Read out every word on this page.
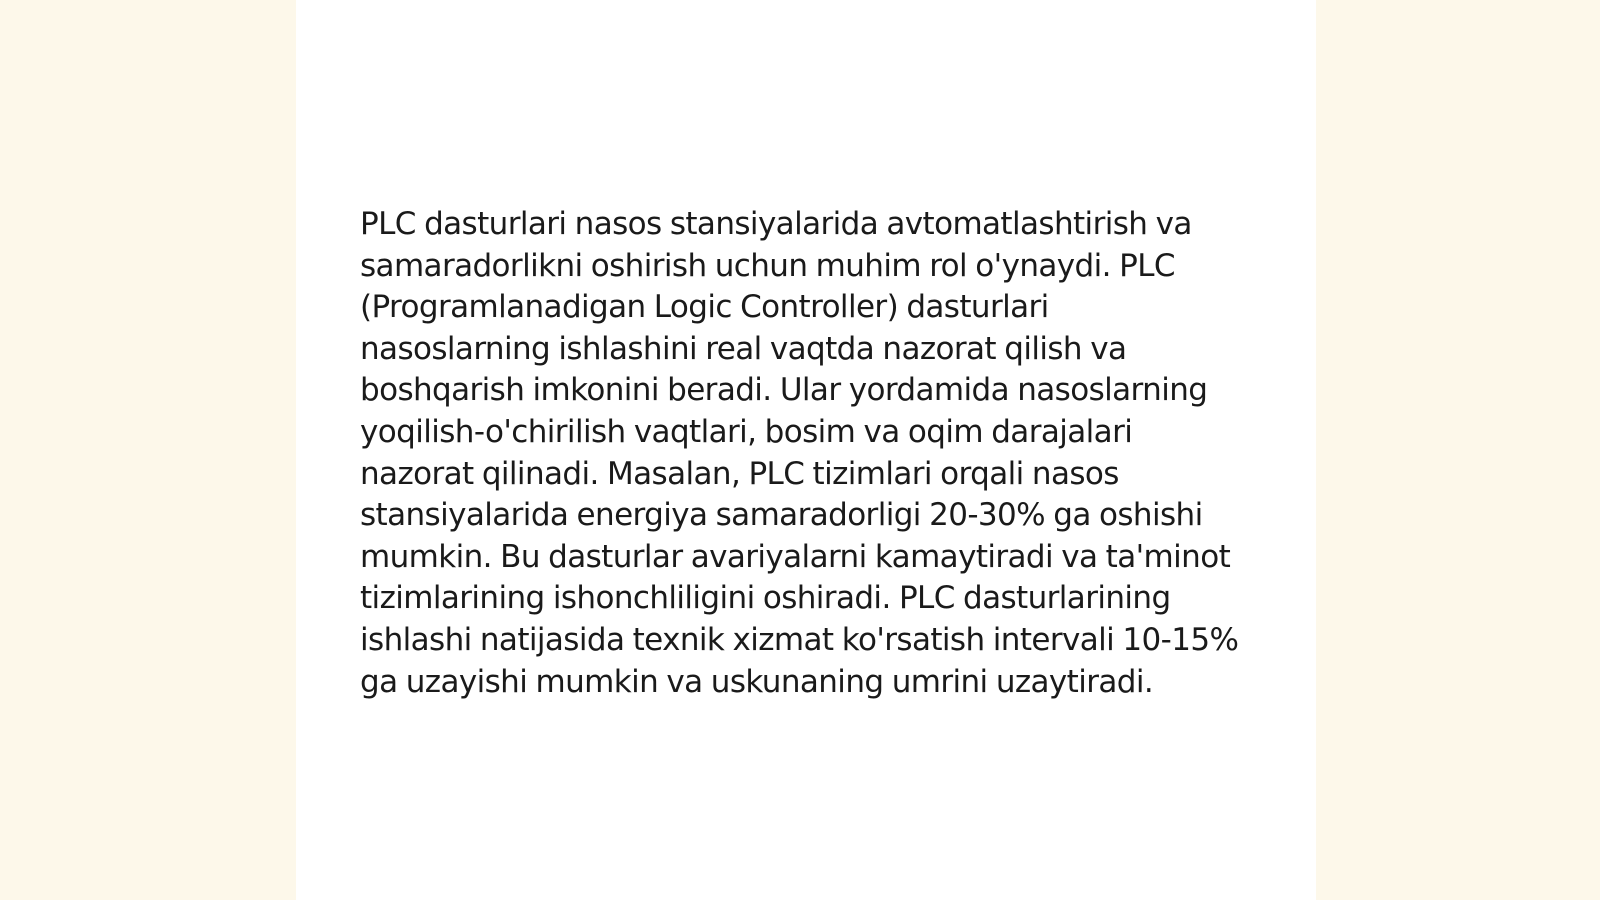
PLC dasturlari nasos stansiyalarida avtomatlashtirish va samaradorlikni oshirish uchun muhim rol o'ynaydi. PLC (Programlanadigan Logic Controller) dasturlari nasoslarning ishlashini real vaqtda nazorat qilish va boshqarish imkonini beradi. Ular yordamida nasoslarning yoqilish-o'chirilish vaqtlari, bosim va oqim darajalari nazorat qilinadi. Masalan, PLC tizimlari orqali nasos stansiyalarida energiya samaradorligi 20-30% ga oshishi mumkin. Bu dasturlar avariyalarni kamaytiradi va ta'minot tizimlarining ishonchliligini oshiradi. PLC dasturlarining ishlashi natijasida texnik xizmat ko'rsatish intervali 10-15% ga uzayishi mumkin va uskunaning umrini uzaytiradi.
